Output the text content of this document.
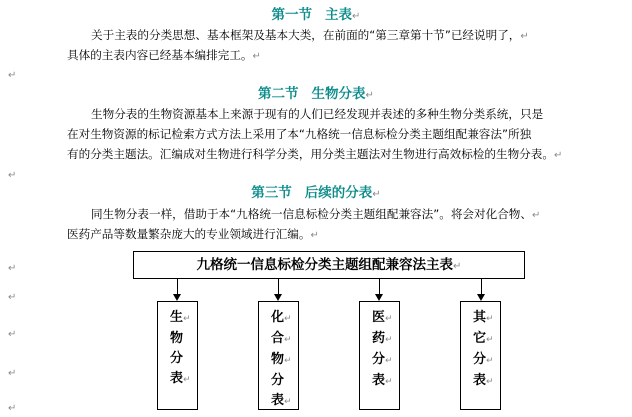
第一节 主表↵
关于主表的分类思想、基本框架及基本大类，在前面的“第三章第十节”已经说明了，↵
具体的主表内容已经基本编排完工。↵
↵
第二节 生物分表↵
生物分表的生物资源基本上来源于现有的人们已经发现并表述的多种生物分类系统，只是
在对生物资源的标记检索方式方法上采用了本“九格统一信息标检分类主题组配兼容法”所独
有的分类主题法。汇编成对生物进行科学分类，用分类主题法对生物进行高效标检的生物分表。↵
↵
第三节 后续的分表↵
同生物分表一样，借助于本“九格统一信息标检分类主题组配兼容法”。将会对化合物、↵
医药产品等数量繁杂庞大的专业领域进行汇编。↵
↵
↵
↵
↵
↵
九格统一信息标检分类主题组配兼容法主表↵
生↵
物
分
表↵
化↵
合↵
物↵
分
表↵
医↵
药↵
分↵
表↵
其↵
它↵
分↵
表↵
